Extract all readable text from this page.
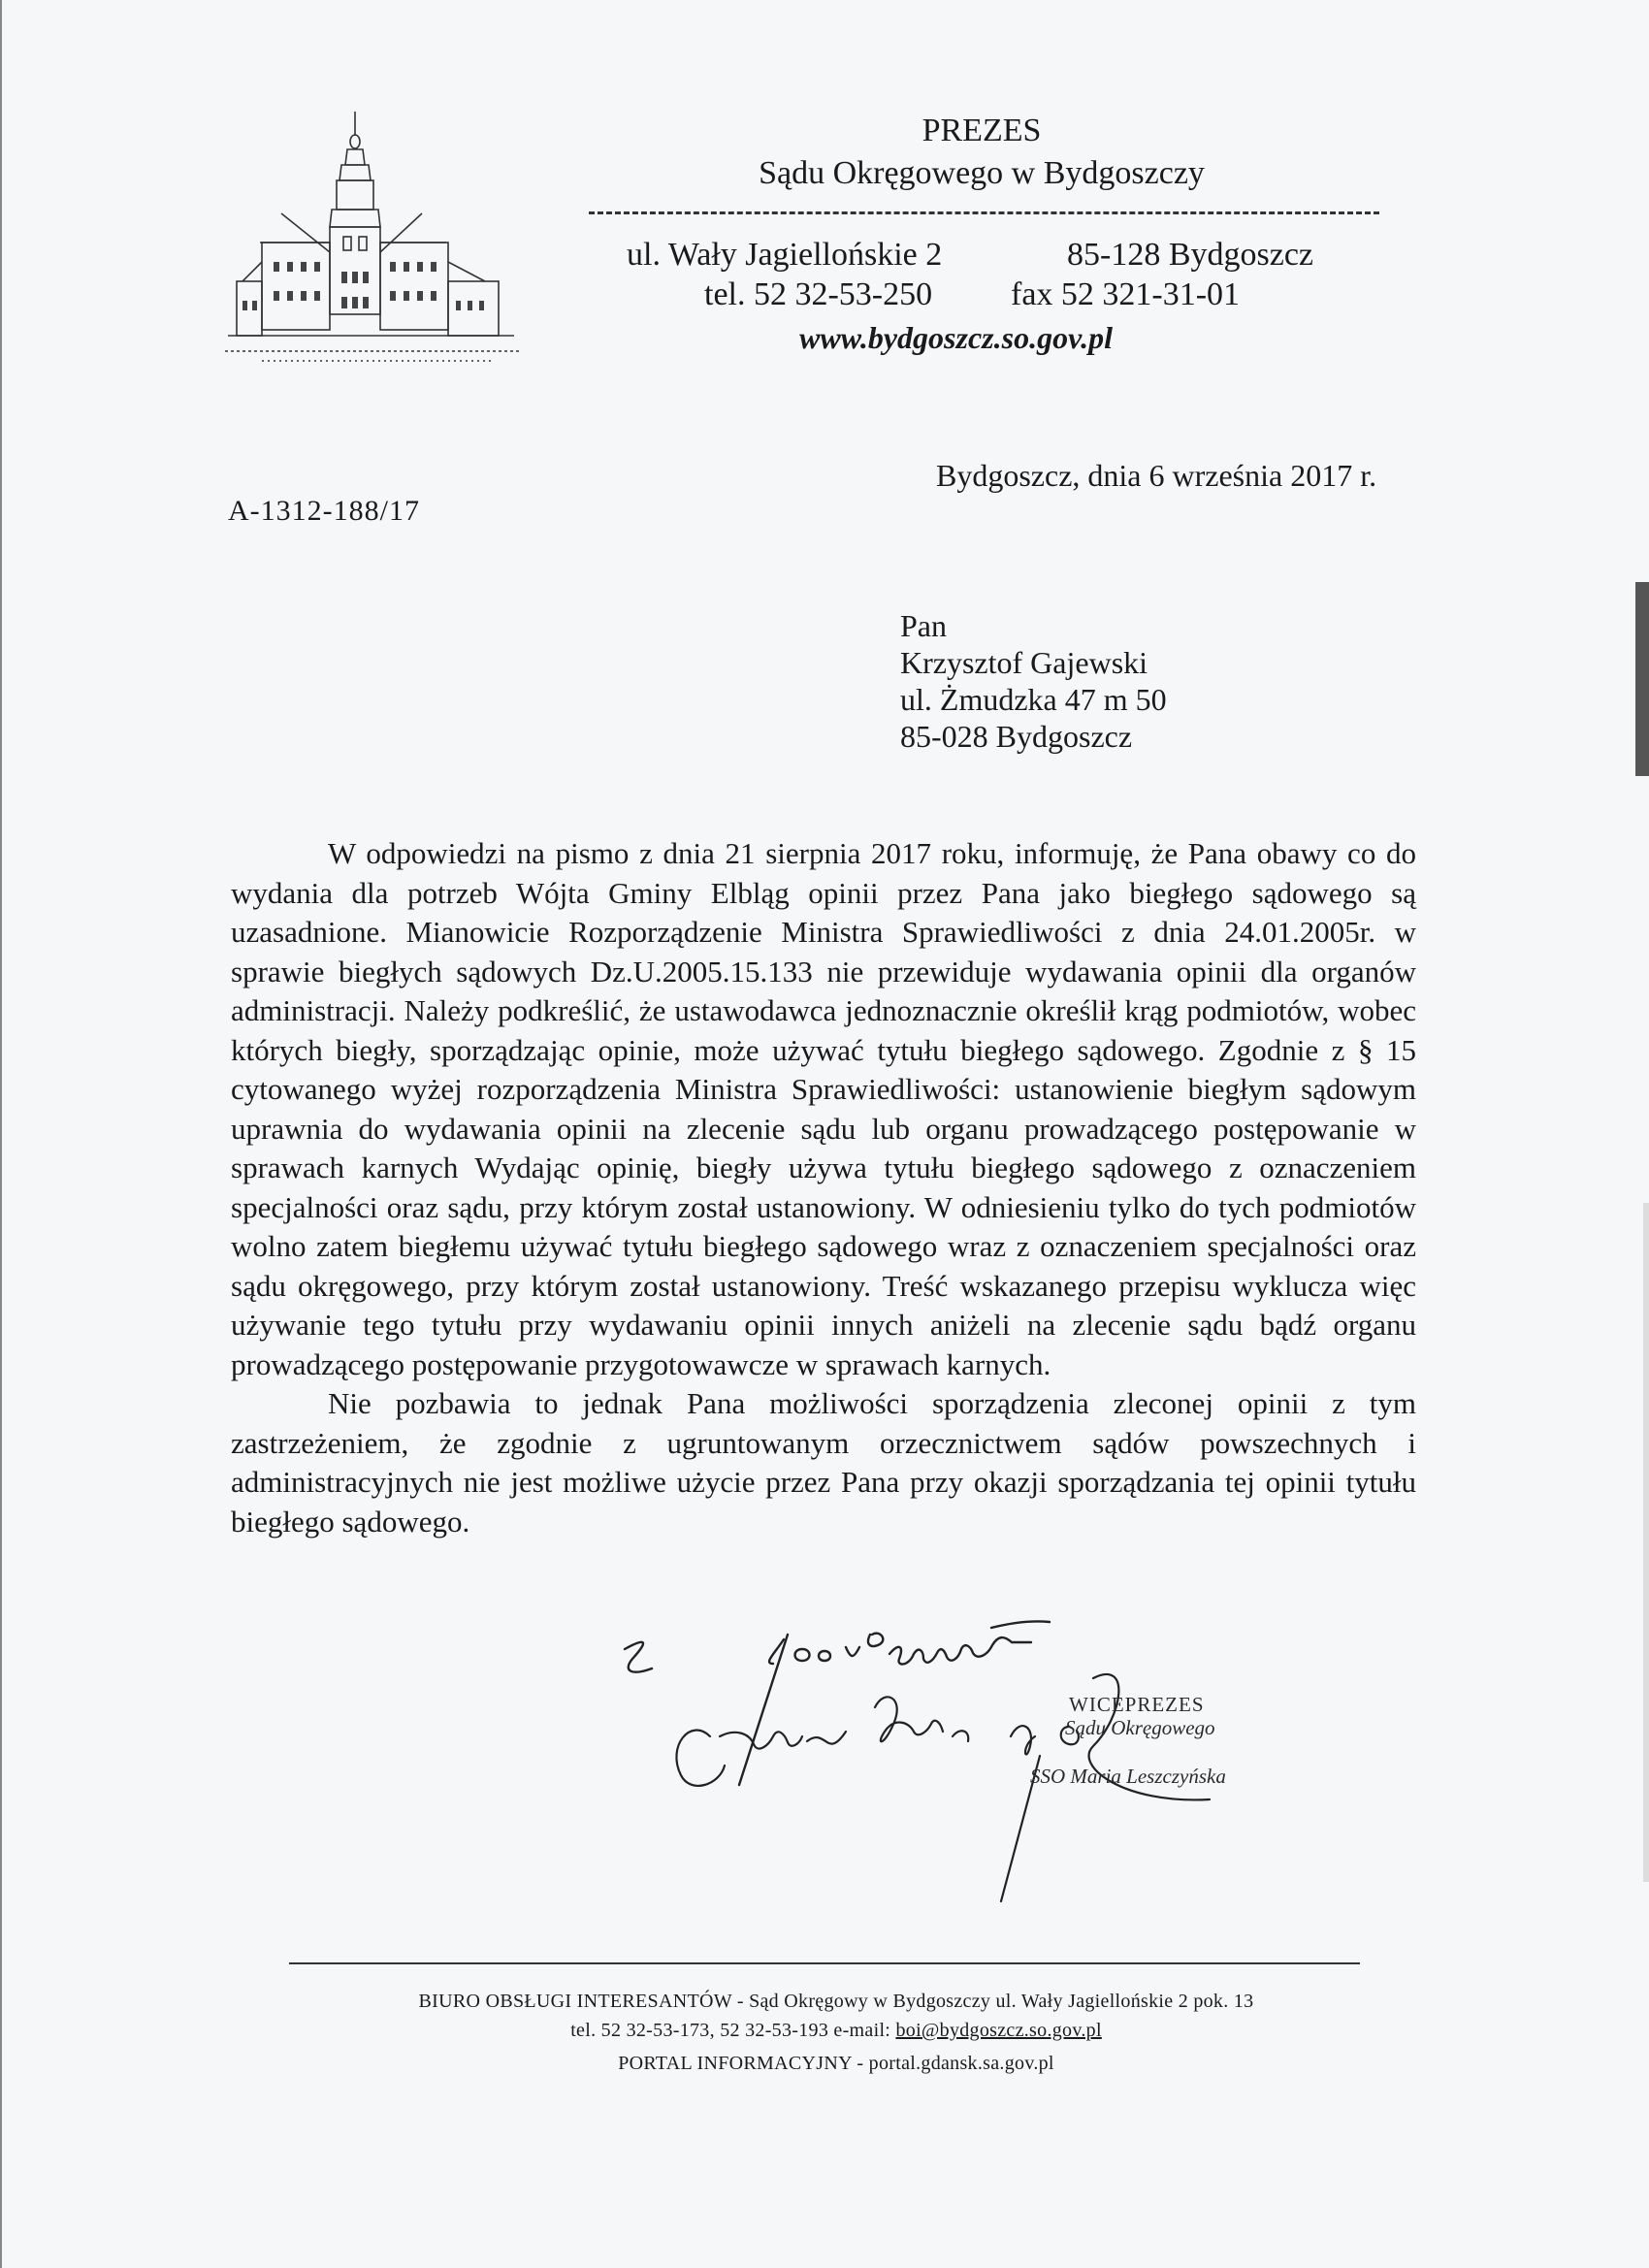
PREZES
Sądu Okręgowego w Bydgoszczy
ul. Wały Jagiellońskie 2	85-128 Bydgoszcz
tel. 52 32-53-250 fax 52 321-31-01
www.bydgoszcz.so.gov.pl
Bydgoszcz, dnia 6 września 2017 r.
A-1312-188/17
Pan
Krzysztof Gajewski
ul. Żmudzka 47 m 50
85-028 Bydgoszcz

W odpowiedzi na pismo z dnia 21 sierpnia 2017 roku, informuję, że Pana obawy co do wydania dla potrzeb Wójta Gminy Elbląg opinii przez Pana jako biegłego sądowego są uzasadnione. Mianowicie Rozporządzenie Ministra Sprawiedliwości z dnia 24.01.2005r. w sprawie biegłych sądowych Dz.U.2005.15.133 nie przewiduje wydawania opinii dla organów administracji. Należy podkreślić, że ustawodawca jednoznacznie określił krąg podmiotów, wobec których biegły, sporządzając opinie, może używać tytułu biegłego sądowego. Zgodnie z § 15 cytowanego wyżej rozporządzenia Ministra Sprawiedliwości: ustanowienie biegłym sądowym uprawnia do wydawania opinii na zlecenie sądu lub organu prowadzącego postępowanie w sprawach karnych Wydając opinię, biegły używa tytułu biegłego sądowego z oznaczeniem specjalności oraz sądu, przy którym został ustanowiony. W odniesieniu tylko do tych podmiotów wolno zatem biegłemu używać tytułu biegłego sądowego wraz z oznaczeniem specjalności oraz sądu okręgowego, przy którym został ustanowiony. Treść wskazanego przepisu wyklucza więc używanie tego tytułu przy wydawaniu opinii innych aniżeli na zlecenie sądu bądź organu prowadzącego postępowanie przygotowawcze w sprawach karnych.

Nie pozbawia to jednak Pana możliwości sporządzenia zleconej opinii z tym zastrzeżeniem, że zgodnie z ugruntowanym orzecznictwem sądów powszechnych i administracyjnych nie jest możliwe użycie przez Pana przy okazji sporządzania tej opinii tytułu biegłego sądowego.

WICEPREZES
Sądu Okręgowego
SSO Maria Leszczyńska
BIURO OBSŁUGI INTERESANTÓW - Sąd Okręgowy w Bydgoszczy ul. Wały Jagiellońskie 2 pok. 13
tel. 52 32-53-173, 52 32-53-193 e-mail: boi@bydgoszcz.so.gov.pl
PORTAL INFORMACYJNY - portal.gdansk.sa.gov.pl
